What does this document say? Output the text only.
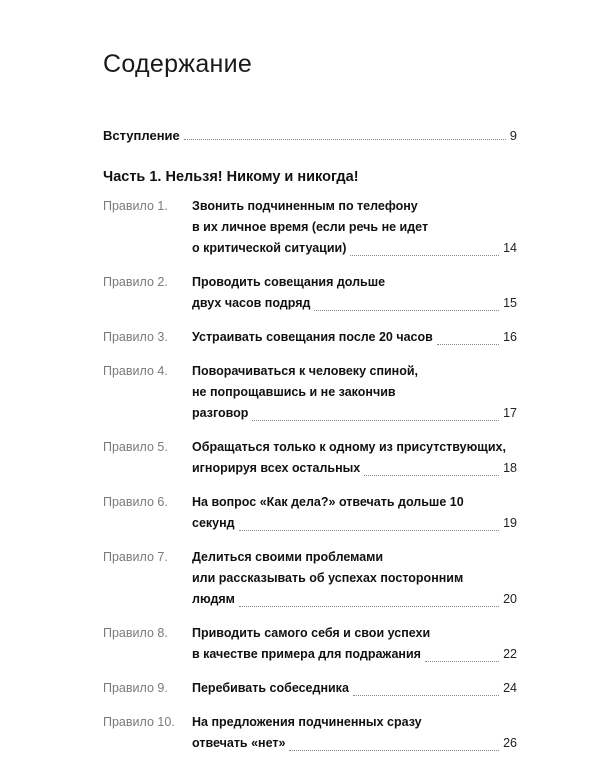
Содержание
Вступление	9
Часть 1. Нельзя! Никому и никогда!
Правило 1.	Звонить подчиненным по телефону
в их личное время (если речь не идет
о критической ситуации)	14
Правило 2.	Проводить совещания дольше
двух часов подряд	15
Правило 3.	Устраивать совещания после 20 часов	16
Правило 4.	Поворачиваться к человеку спиной,
не попрощавшись и не закончив
разговор	17
Правило 5.	Обращаться только к одному из присутствующих,
игнорируя всех остальных	18
Правило 6.	На вопрос «Как дела?» отвечать дольше 10
секунд	19
Правило 7.	Делиться своими проблемами
или рассказывать об успехах посторонним
людям	20
Правило 8.	Приводить самого себя и свои успехи
в качестве примера для подражания	22
Правило 9.	Перебивать собеседника	24
Правило 10.	На предложения подчиненных сразу
отвечать «нет»	26
